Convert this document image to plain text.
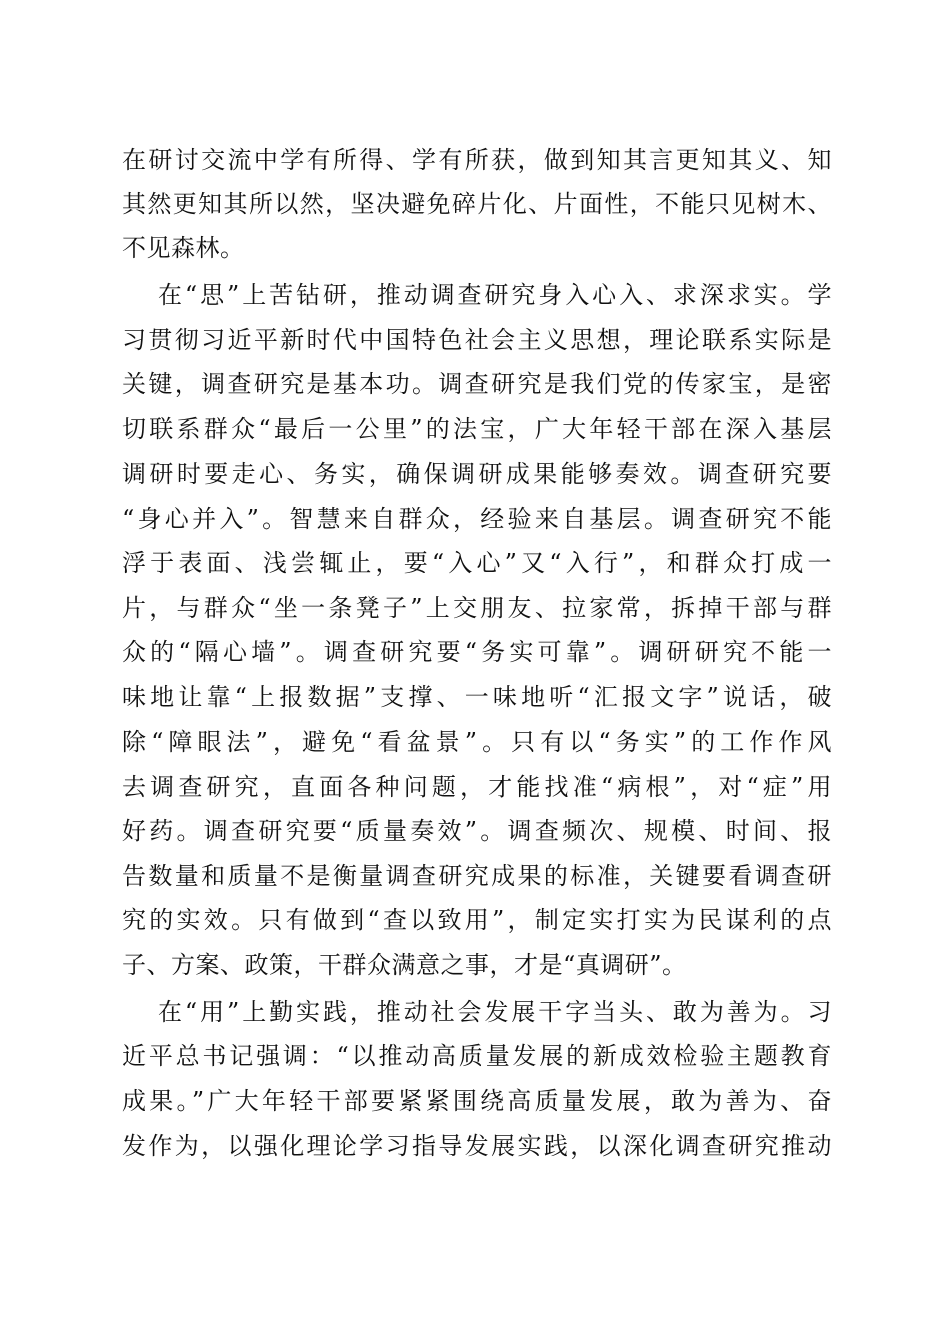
在研讨交流中学有所得、学有所获，做到知其言更知其义、知
其然更知其所以然，坚决避免碎片化、片面性，不能只见树木、
不见森林。
在“思”上苦钻研，推动调查研究身入心入、求深求实。学
习贯彻习近平新时代中国特色社会主义思想，理论联系实际是
关键，调查研究是基本功。调查研究是我们党的传家宝，是密
切联系群众“最后一公里”的法宝，广大年轻干部在深入基层
调研时要走心、务实，确保调研成果能够奏效。调查研究要
“身心并入”。智慧来自群众，经验来自基层。调查研究不能
浮于表面、浅尝辄止，要“入心”又“入行”，和群众打成一
片，与群众“坐一条凳子”上交朋友、拉家常，拆掉干部与群
众的“隔心墙”。调查研究要“务实可靠”。调研研究不能一
味地让靠“上报数据”支撑、一味地听“汇报文字”说话，破
除“障眼法”，避免“看盆景”。只有以“务实”的工作作风
去调查研究，直面各种问题，才能找准“病根”，对“症”用
好药。调查研究要“质量奏效”。调查频次、规模、时间、报
告数量和质量不是衡量调查研究成果的标准，关键要看调查研
究的实效。只有做到“查以致用”，制定实打实为民谋利的点
子、方案、政策，干群众满意之事，才是“真调研”。
在“用”上勤实践，推动社会发展干字当头、敢为善为。习
近平总书记强调：“以推动高质量发展的新成效检验主题教育
成果。”广大年轻干部要紧紧围绕高质量发展，敢为善为、奋
发作为，以强化理论学习指导发展实践，以深化调查研究推动
